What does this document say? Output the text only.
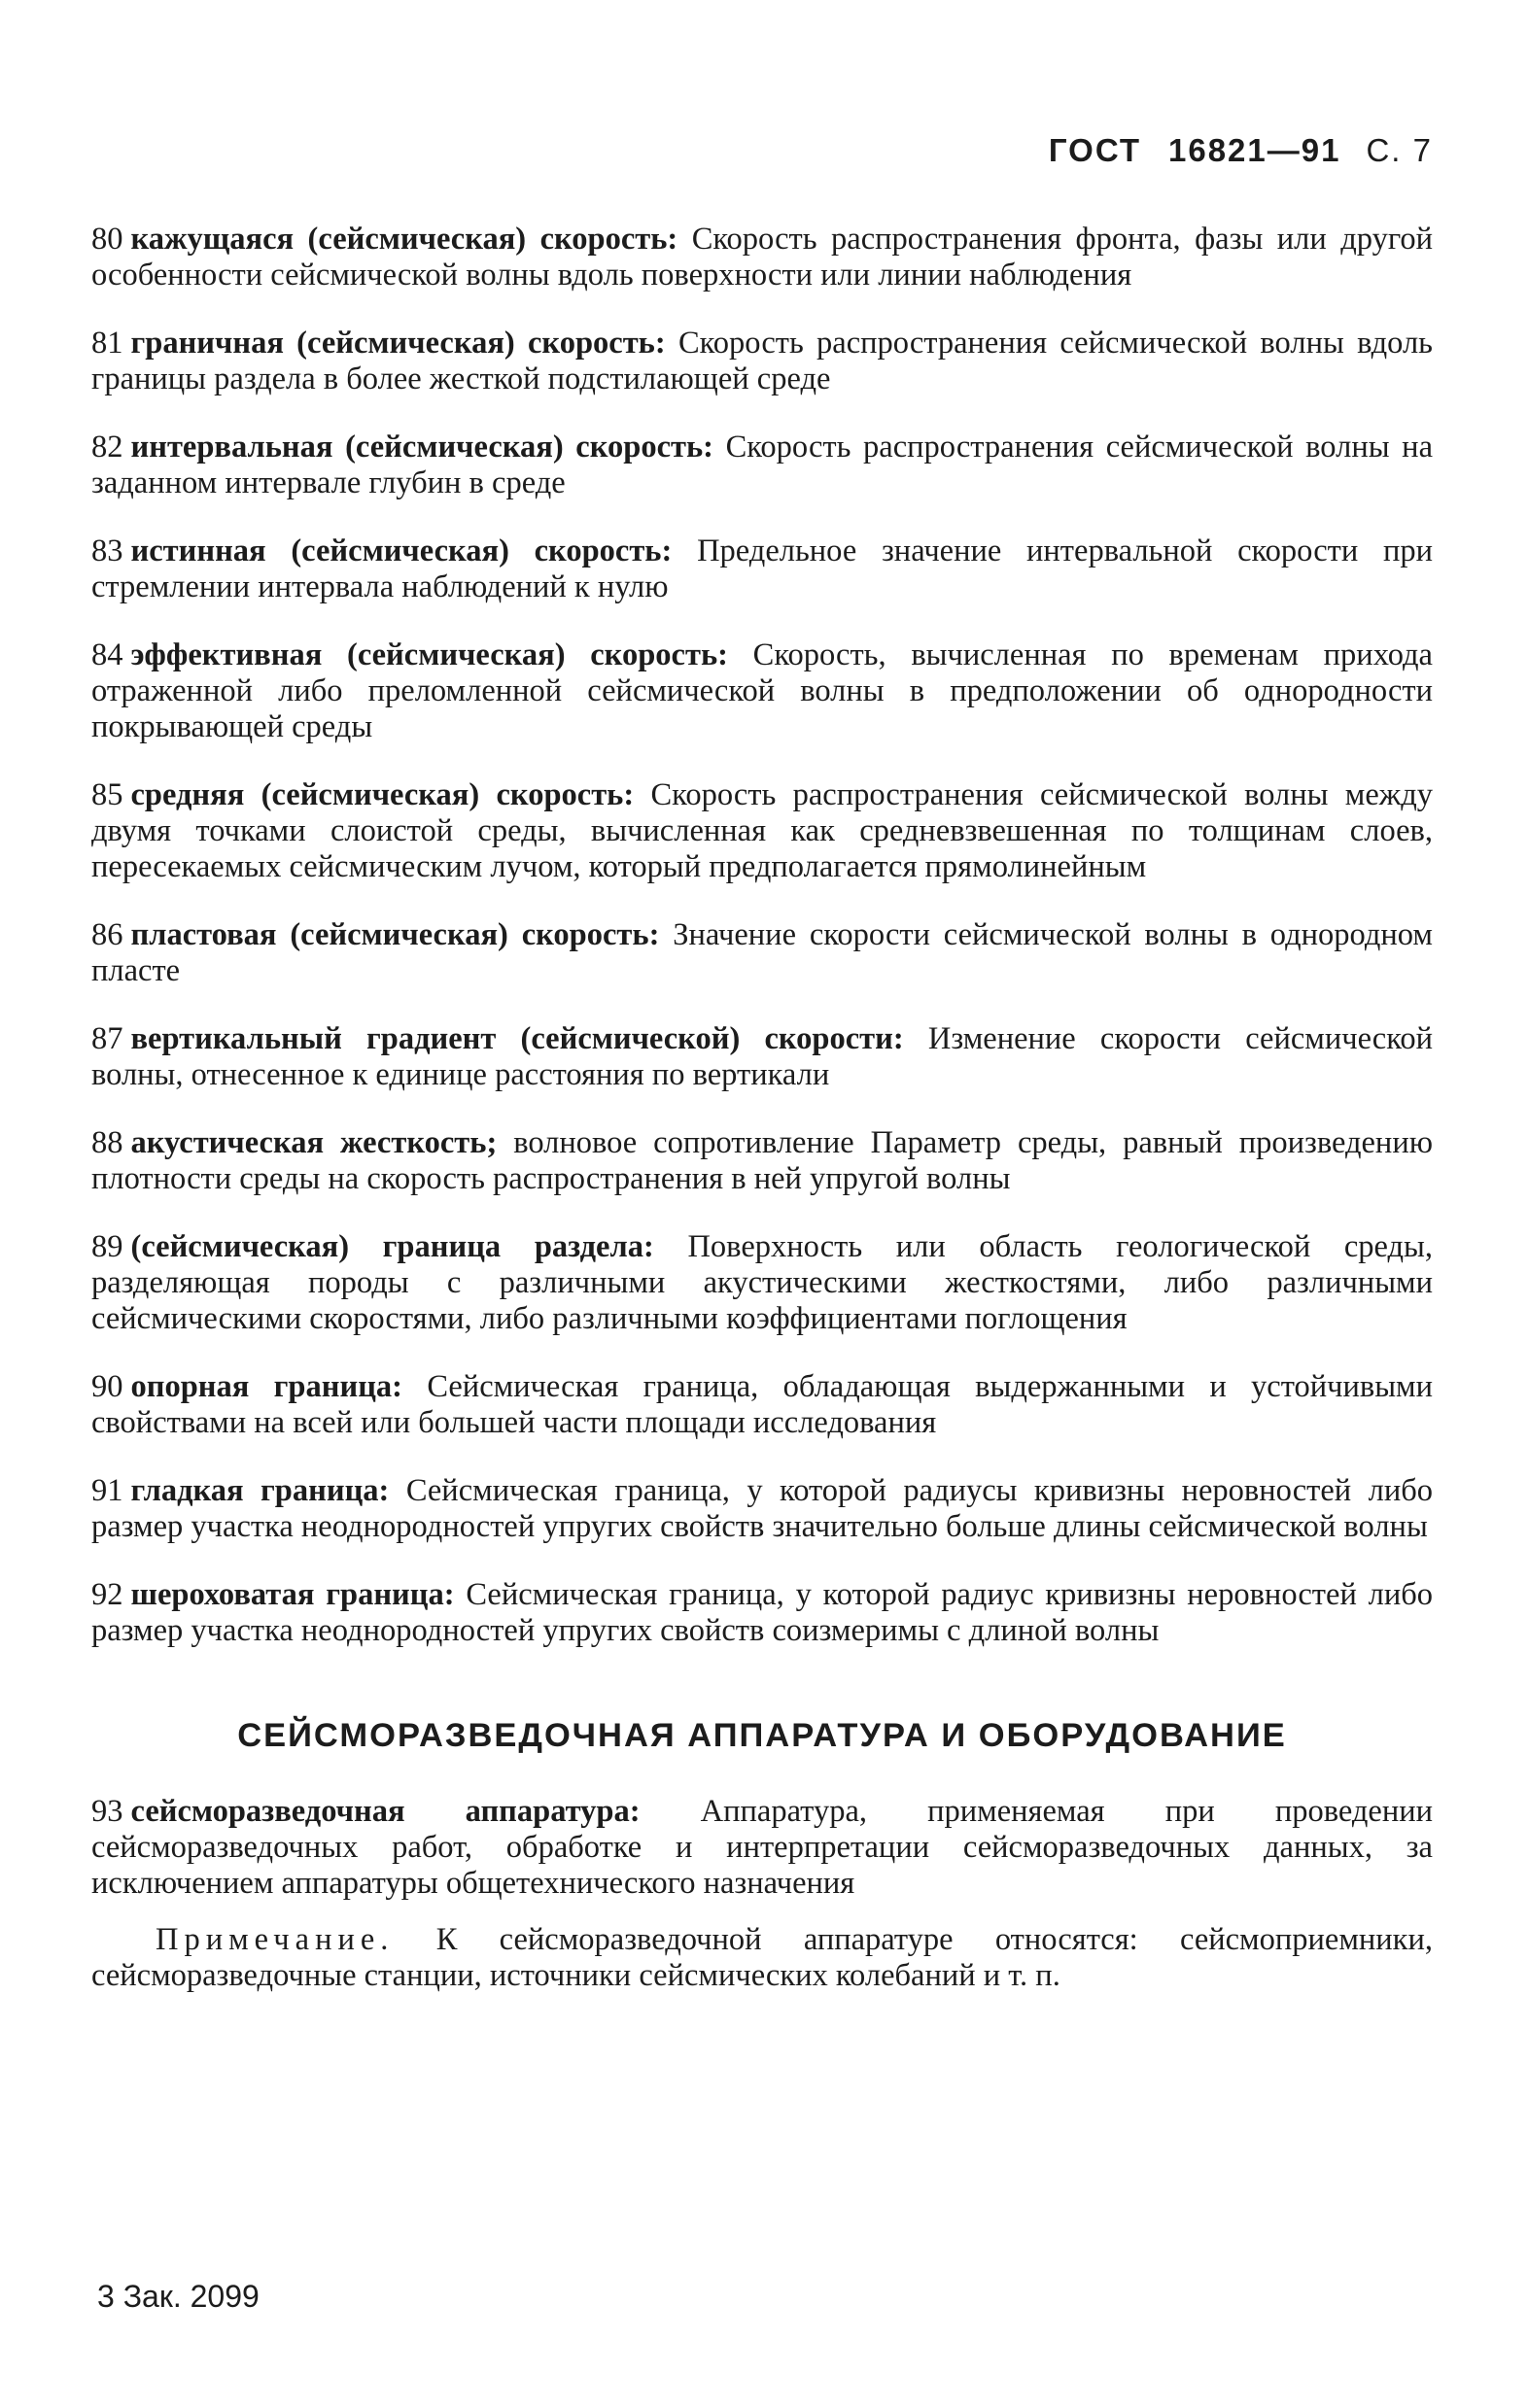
ГОСТ 16821—91 С. 7
80 кажущаяся (сейсмическая) скорость: Скорость распространения фронта, фазы или другой особенности сейсмической волны вдоль поверхности или линии наблюдения
81 граничная (сейсмическая) скорость: Скорость распространения сейсмической волны вдоль границы раздела в более жесткой подстилающей среде
82 интервальная (сейсмическая) скорость: Скорость распространения сейсмической волны на заданном интервале глубин в среде
83 истинная (сейсмическая) скорость: Предельное значение интервальной скорости при стремлении интервала наблюдений к нулю
84 эффективная (сейсмическая) скорость: Скорость, вычисленная по временам прихода отраженной либо преломленной сейсмической волны в предположении об однородности покрывающей среды
85 средняя (сейсмическая) скорость: Скорость распространения сейсмической волны между двумя точками слоистой среды, вычисленная как средневзвешенная по толщинам слоев, пересекаемых сейсмическим лучом, который предполагается прямолинейным
86 пластовая (сейсмическая) скорость: Значение скорости сейсмической волны в однородном пласте
87 вертикальный градиент (сейсмической) скорости: Изменение скорости сейсмической волны, отнесенное к единице расстояния по вертикали
88 акустическая жесткость; волновое сопротивление Параметр среды, равный произведению плотности среды на скорость распространения в ней упругой волны
89 (сейсмическая) граница раздела: Поверхность или область геологической среды, разделяющая породы с различными акустическими жесткостями, либо различными сейсмическими скоростями, либо различными коэффициентами поглощения
90 опорная граница: Сейсмическая граница, обладающая выдержанными и устойчивыми свойствами на всей или большей части площади исследования
91 гладкая граница: Сейсмическая граница, у которой радиусы кривизны неровностей либо размер участка неоднородностей упругих свойств значительно больше длины сейсмической волны
92 шероховатая граница: Сейсмическая граница, у которой радиус кривизны неровностей либо размер участка неоднородностей упругих свойств соизмеримы с длиной волны
СЕЙСМОРАЗВЕДОЧНАЯ АППАРАТУРА И ОБОРУДОВАНИЕ
93 сейсморазведочная аппаратура: Аппаратура, применяемая при проведении сейсморазведочных работ, обработке и интерпретации сейсморазведочных данных, за исключением аппаратуры общетехнического назначения
Примечание. К сейсморазведочной аппаратуре относятся: сейсмоприемники, сейсморазведочные станции, источники сейсмических колебаний и т. п.
3 Зак. 2099
